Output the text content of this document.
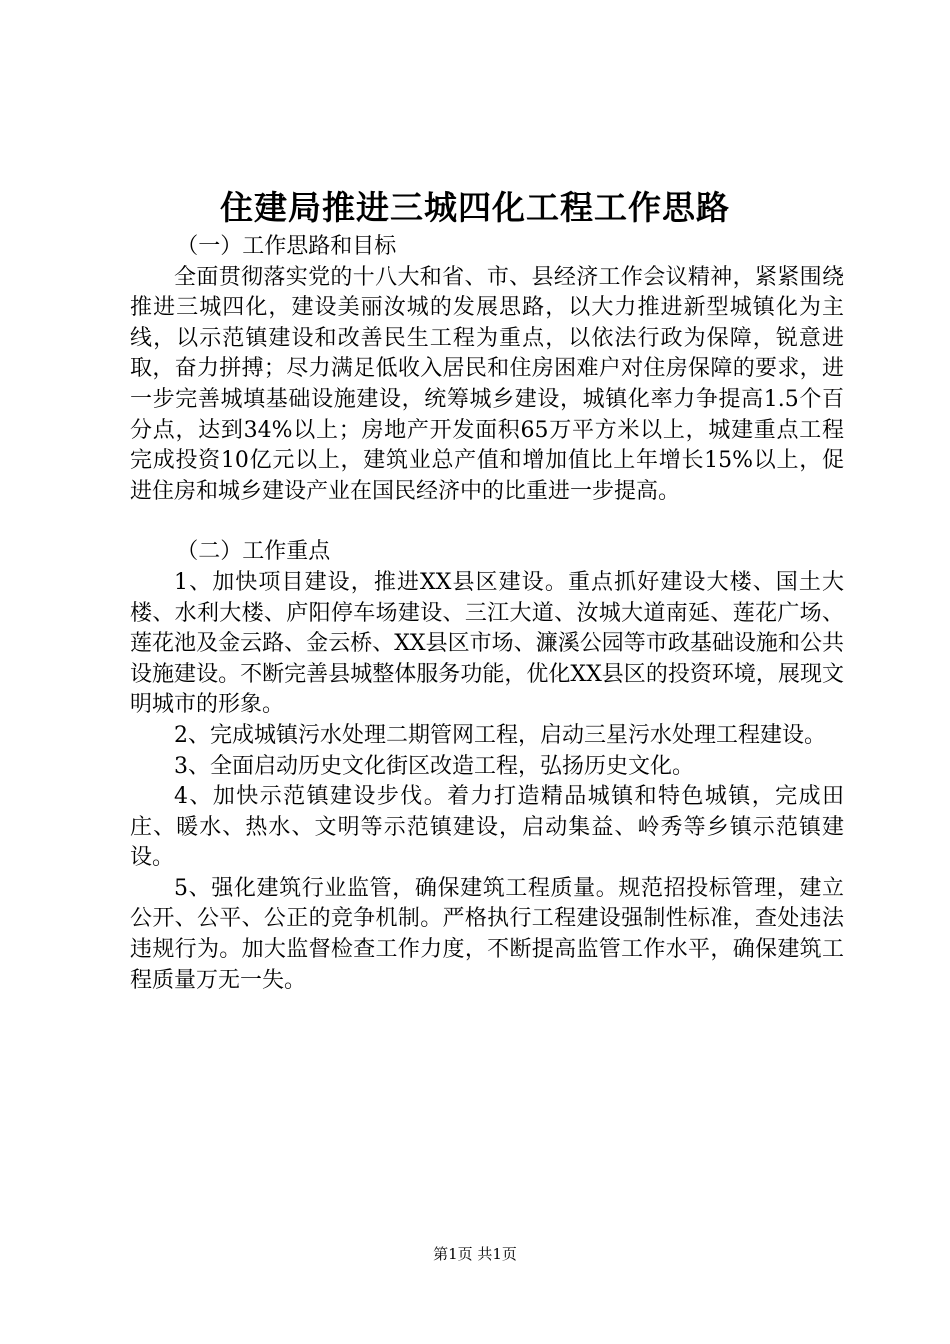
住建局推进三城四化工程工作思路

（一）工作思路和目标

全面贯彻落实党的十八大和省、市、县经济工作会议精神，紧紧围绕推进三城四化，建设美丽汝城的发展思路，以大力推进新型城镇化为主线，以示范镇建设和改善民生工程为重点，以依法行政为保障，锐意进取，奋力拼搏；尽力满足低收入居民和住房困难户对住房保障的要求，进一步完善城填基础设施建设，统筹城乡建设，城镇化率力争提高1.5个百分点，达到34%以上；房地产开发面积65万平方米以上，城建重点工程完成投资10亿元以上，建筑业总产值和增加值比上年增长15%以上，促进住房和城乡建设产业在国民经济中的比重进一步提高。

（二）工作重点

1、加快项目建设，推进XX县区建设。重点抓好建设大楼、国土大楼、水利大楼、庐阳停车场建设、三江大道、汝城大道南延、莲花广场、莲花池及金云路、金云桥、XX县区市场、濂溪公园等市政基础设施和公共设施建设。不断完善县城整体服务功能，优化XX县区的投资环境，展现文明城市的形象。

2、完成城镇污水处理二期管网工程，启动三星污水处理工程建设。

3、全面启动历史文化街区改造工程，弘扬历史文化。

4、加快示范镇建设步伐。着力打造精品城镇和特色城镇，完成田庄、暖水、热水、文明等示范镇建设，启动集益、岭秀等乡镇示范镇建设。

5、强化建筑行业监管，确保建筑工程质量。规范招投标管理，建立公开、公平、公正的竞争机制。严格执行工程建设强制性标准，查处违法违规行为。加大监督检查工作力度，不断提高监管工作水平，确保建筑工程质量万无一失。

第1页 共1页
